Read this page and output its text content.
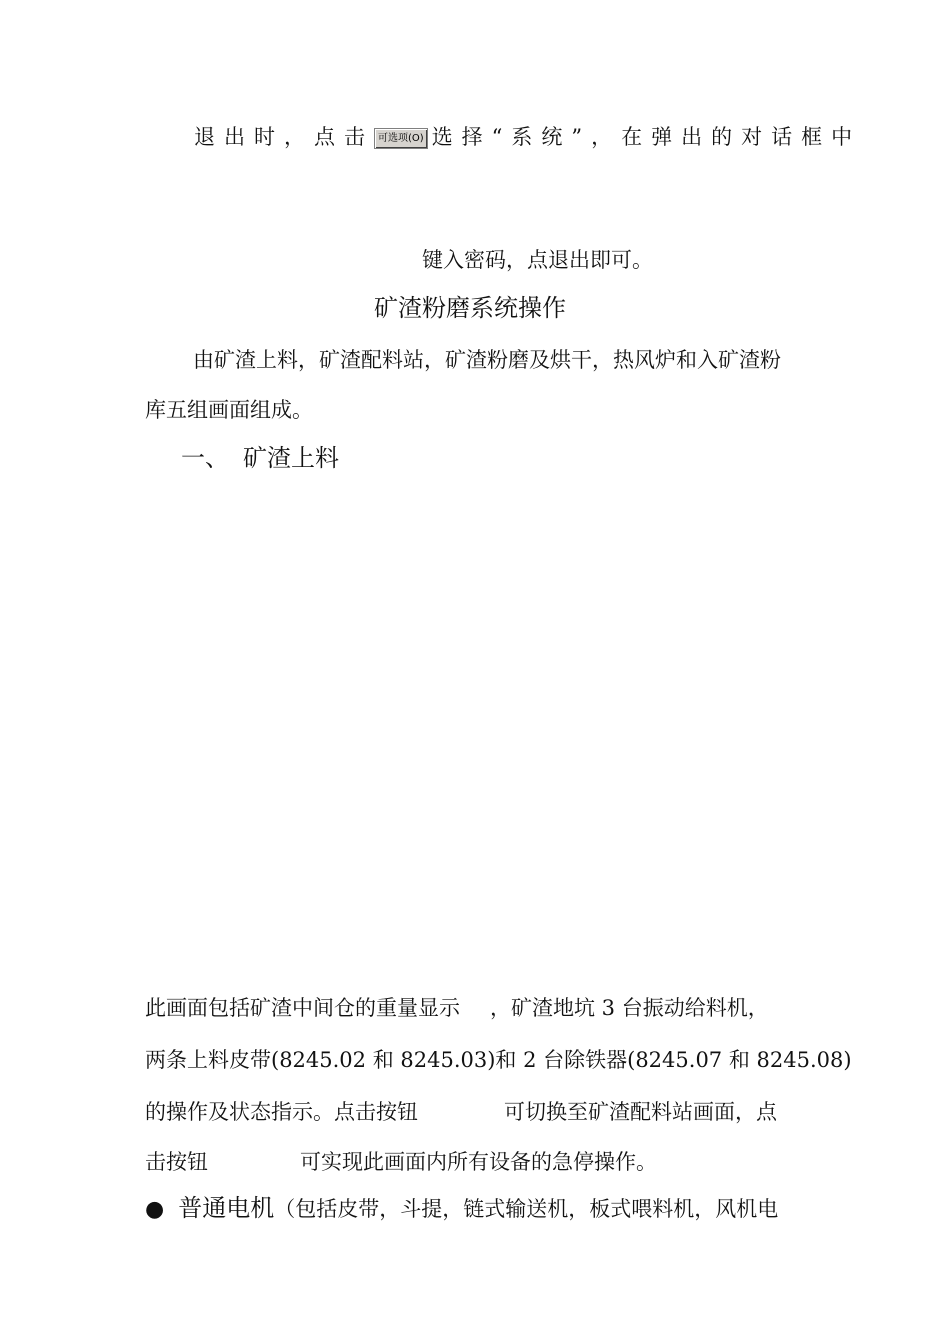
退出时，点击 可选项(O) 选择“系统”，在弹出的对话框中
键入密码，点退出即可。
矿渣粉磨系统操作
由矿渣上料，矿渣配料站，矿渣粉磨及烘干，热风炉和入矿渣粉
库五组画面组成。
一、 矿渣上料
此画面包括矿渣中间仓的重量显示 ，矿渣地坑 3 台振动给料机，
两条上料皮带(8245.02 和 8245.03)和 2 台除铁器(8245.07 和 8245.08)
的操作及状态指示。点击按钮	可切换至矿渣配料站画面，点
击按钮	可实现此画面内所有设备的急停操作。
● 普通电机（包括皮带，斗提，链式输送机，板式喂料机，风机电
